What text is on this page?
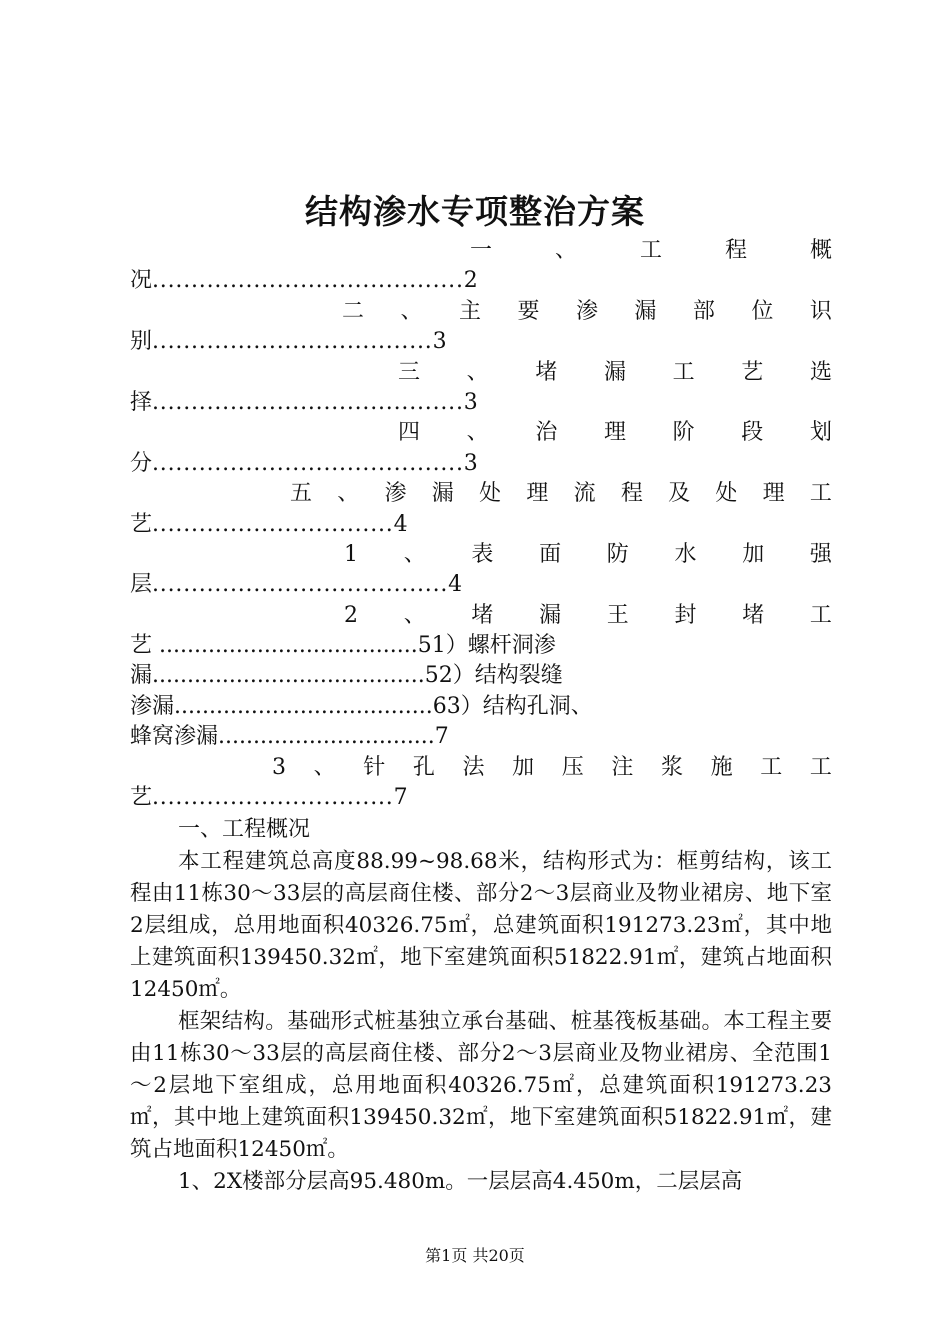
结构渗水专项整治方案
一	、	工	程	概
况........................................2
二 、 主 要 渗 漏 部 位 识
别....................................3
三 、 堵 漏 工 艺 选
择........................................3
四 、 治 理 阶 段 划
分........................................3
五 、 渗 漏 处 理 流 程 及 处 理 工
艺...............................4
1 、 表 面 防 水 加 强
层......................................4
2 、 堵 漏 王 封 堵 工
艺 .....................................51）螺杆洞渗
漏.......................................52）结构裂缝
渗漏.....................................63）结构孔洞、
蜂窝渗漏...............................7
3 、 针 孔 法 加 压 注 浆 施 工 工
艺...............................7
一、工程概况

本工程建筑总高度88.99~98.68米，结构形式为：框剪结构，该工程由11栋30～33层的高层商住楼、部分2～3层商业及物业裙房、地下室2层组成，总用地面积40326.75㎡，总建筑面积191273.23㎡，其中地上建筑面积139450.32㎡，地下室建筑面积51822.91㎡，建筑占地面积12450㎡。

框架结构。基础形式桩基独立承台基础、桩基筏板基础。本工程主要由11栋30～33层的高层商住楼、部分2～3层商业及物业裙房、全范围1～2层地下室组成，总用地面积40326.75㎡，总建筑面积191273.23㎡，其中地上建筑面积139450.32㎡，地下室建筑面积51822.91㎡，建筑占地面积12450㎡。

1、2X楼部分层高95.480m。一层层高4.450m，二层层高

第1页 共20页
